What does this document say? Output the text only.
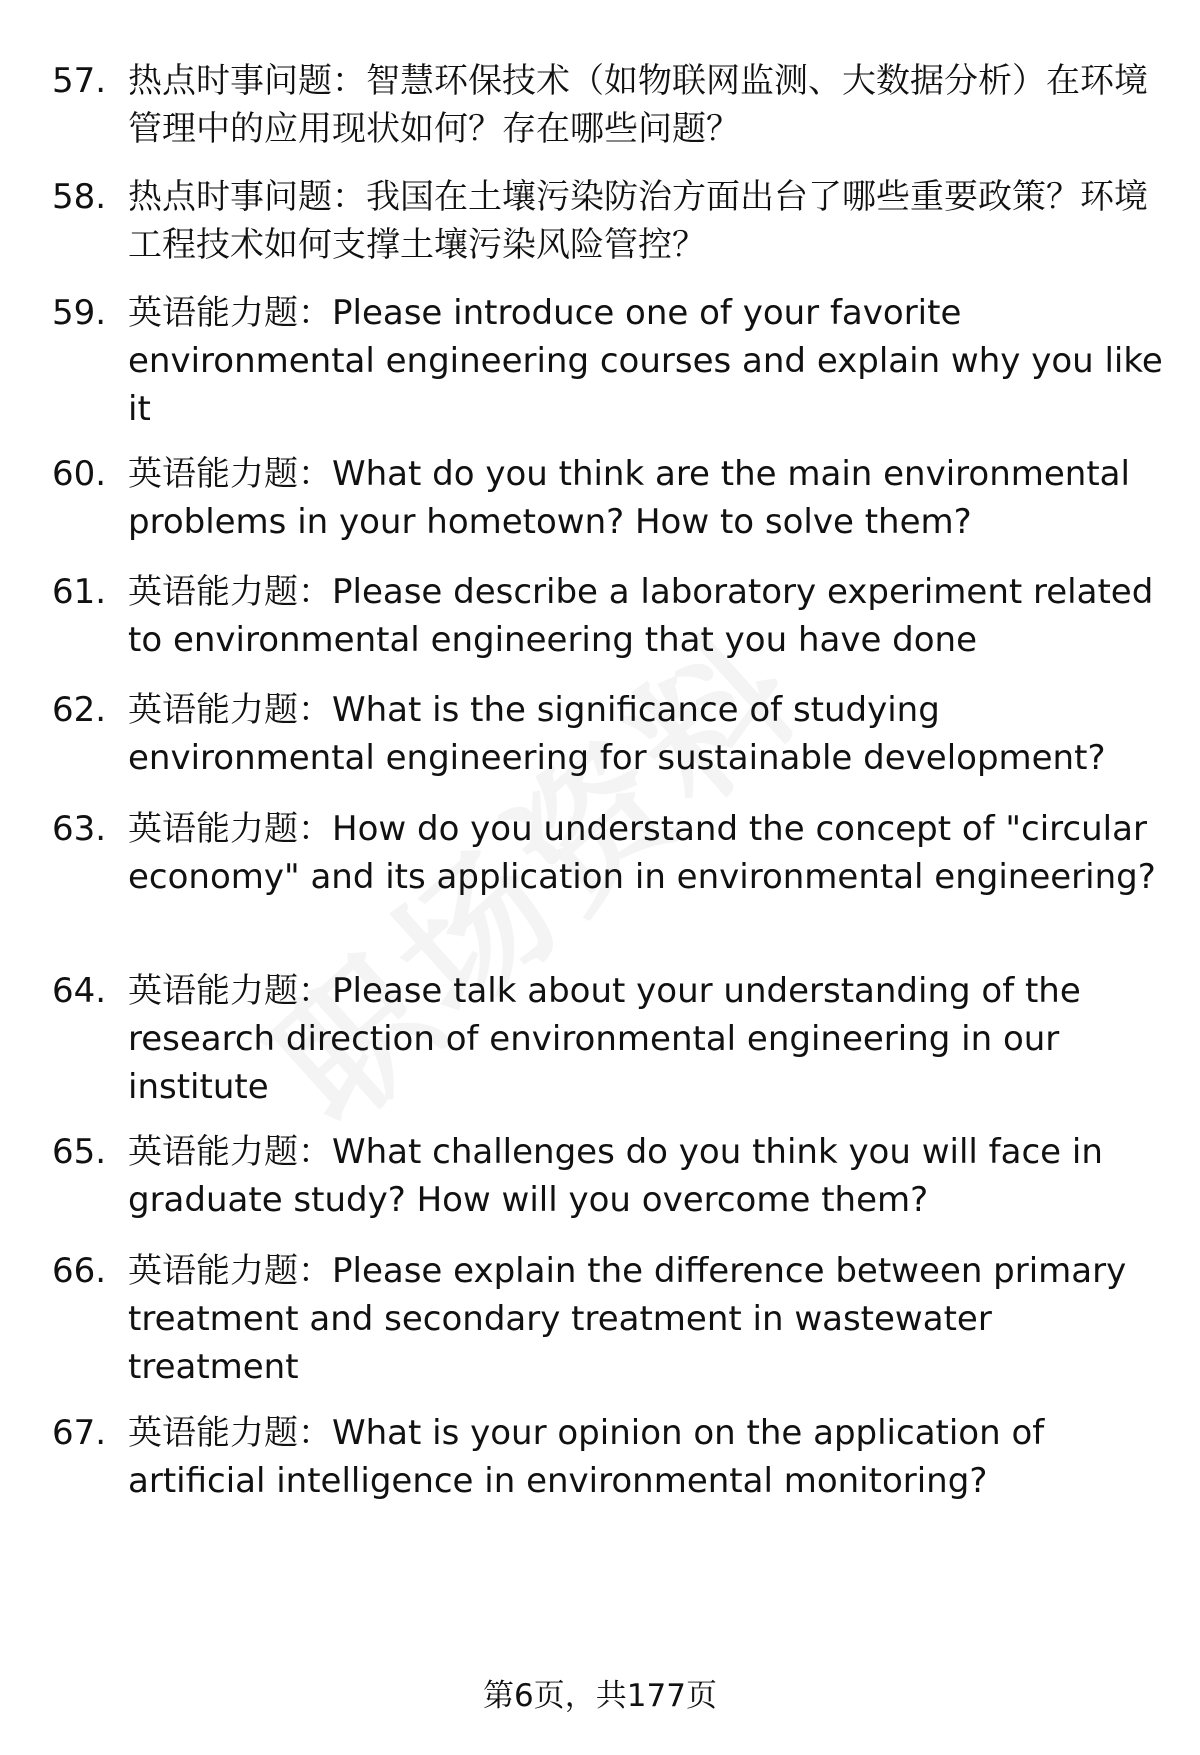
57. 热点时事问题：智慧环保技术（如物联网监测、大数据分析）在环境管理中的应用现状如何？存在哪些问题？
58. 热点时事问题：我国在土壤污染防治方面出台了哪些重要政策？环境工程技术如何支撑土壤污染风险管控？
59. 英语能力题：Please introduce one of your favorite environmental engineering courses and explain why you like it
60. 英语能力题：What do you think are the main environmental problems in your hometown? How to solve them?
61. 英语能力题：Please describe a laboratory experiment related to environmental engineering that you have done
62. 英语能力题：What is the significance of studying environmental engineering for sustainable development?
63. 英语能力题：How do you understand the concept of "circular economy" and its application in environmental engineering?
64. 英语能力题：Please talk about your understanding of the research direction of environmental engineering in our institute
65. 英语能力题：What challenges do you think you will face in graduate study? How will you overcome them?
66. 英语能力题：Please explain the difference between primary treatment and secondary treatment in wastewater treatment
67. 英语能力题：What is your opinion on the application of artificial intelligence in environmental monitoring?
第6页，共177页
